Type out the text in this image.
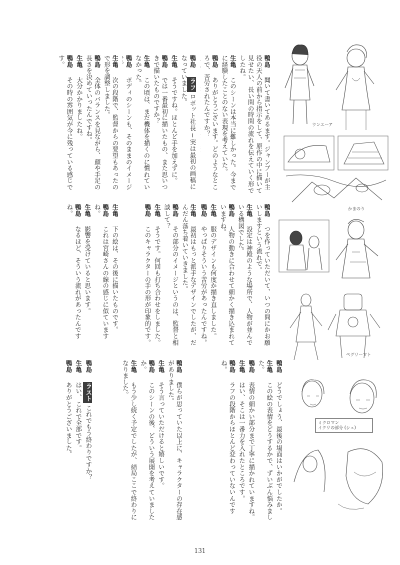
鴨島　聞いて書いてあるます。ジャンブーが主役の天人の前から指示をして、原作の中に描いて見せたい、長い間の時間の流れを伝えていく形でしたね。

生亀　このシーンは本当に難しかった。今までに経験したことのない表現を考えていた。

鴨島　ありがとうございます。どのようなところで、苦労されたんですか？

鴨島　ラフロボット社長 ─ 実は最初の画稿になっていました。

生亀　そうですね。ほとんど手を加えずに。

鴨島　では一番最初に描いたもの、また思いつきで描いたものですか？

生亀　この頃は、まだ機体を描くのに慣れていなかった。

鴨島　ボディのシーンも、そのままのイメージ

生亀　次の段階で、監督からの要望もあったので形を調整しました。

鴨島　全体のバランスを見ながら、顔や手足の長さを決めていったんですね。

生亀　大分かかりましたね。

鴨島　その時の雰囲気が今に残っている感じです。

鴨島　つを作っていただいて、いつの間にかお願いしますという流れで。

生亀　設定は神殿のような場所で、人物が並んでいる構図でした。

鴨島　人物の動きに合わせて細かく描き込まれていますね。

生亀　服のデザインも何度か描き直しました。

鴨島　やっぱりそういう苦労があったんですね。

生亀　最初はもっと派手なデザインでしたが、だんだん落ち着いていきました。

鴨島　その部分のイメージというのは、監督と相談して？

生亀　そうです。何回も打ち合わせをしました。

鴨島　このキャラクターの手の形が印象的です。

生亀　下の絵は、その後に描いたものです。

鴨島　これは宮崎さんの線の感じに似ていますね。

生亀　影響を受けていると思います。

鴨島　なるほど、そういう流れがあったんですね。

鴨島　どうでしょう、最後の場面はいかがでしたか。

生亀　この絵の表情をどうするかで、ずいぶん悩みました。

鴨島　表情の細かい部分まで丁寧に描かれていますね。

生亀　はい、そこは一番力を入れたところです。

鴨島　ラフの段階からほとんど変わっていないんですね。

鴨島　僕らが思っていた以上に、キャラクターの存在感がありました。

生亀　そう言っていただけると嬉しいです。

鴨島　このシーンの後、どういう展開を考えていましたか。

生亀　もう少し続く予定でしたが、結局ここで終わりになりました。

鴨島　ラストこれでもう終わりですか？

生亀　はい、これで全部です。

鴨島　ありがとうございました。

ウンエーア
かまのり
ペグリーマト
ミクロマン
イクリの部分 (シェ)
131
